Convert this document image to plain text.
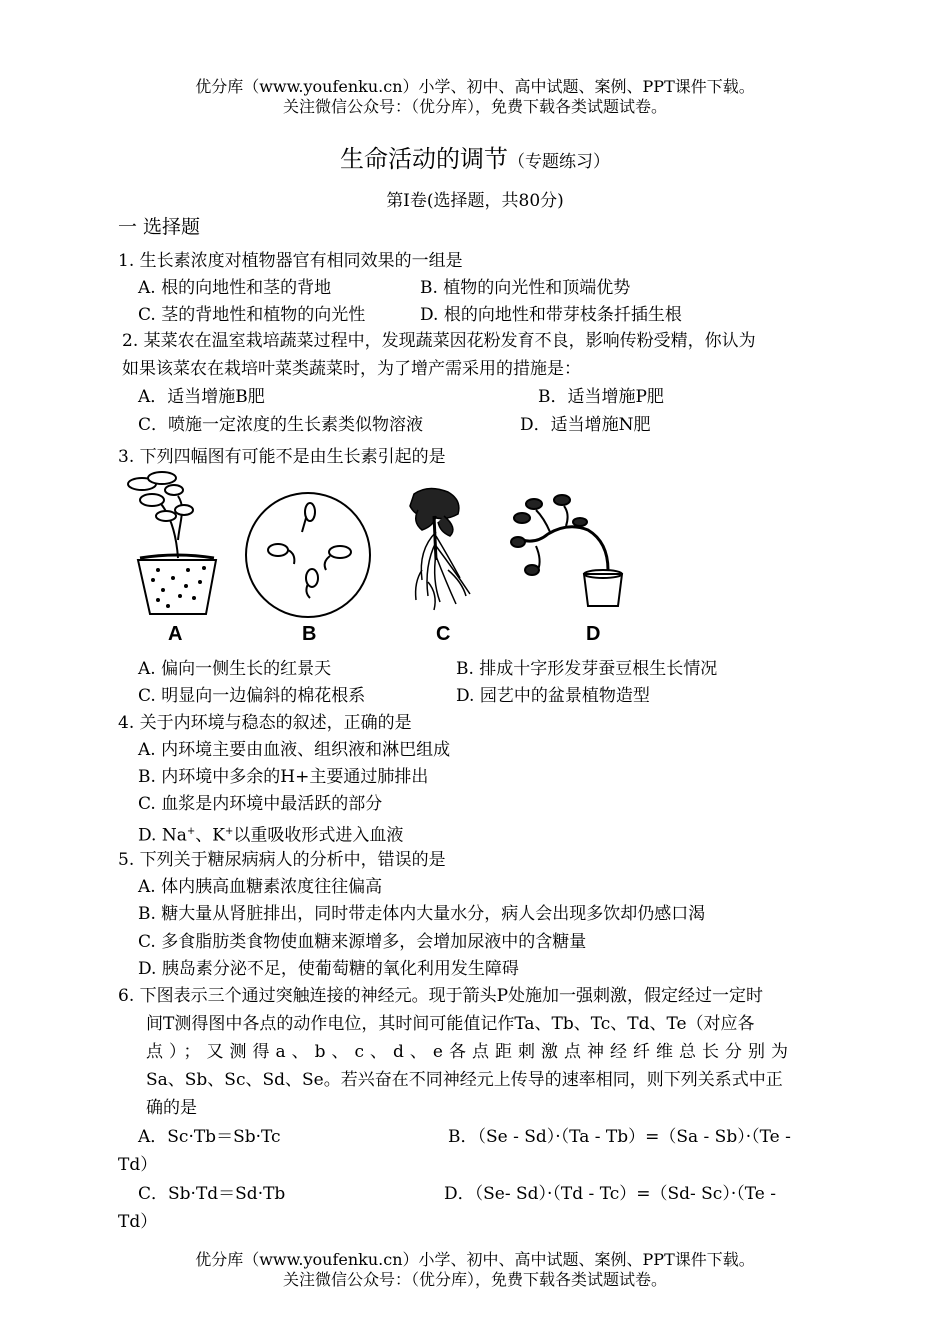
优分库（www.youfenku.cn）小学、初中、高中试题、案例、PPT课件下载。
关注微信公众号：（优分库），免费下载各类试题试卷。
生命活动的调节（专题练习）
第Ⅰ卷(选择题，共80分)
一 选择题
1. 生长素浓度对植物器官有相同效果的一组是
A. 根的向地性和茎的背地	B. 植物的向光性和顶端优势
C. 茎的背地性和植物的向光性	D. 根的向地性和带芽枝条扦插生根
2. 某菜农在温室栽培蔬菜过程中，发现蔬菜因花粉发育不良，影响传粉受精，你认为
如果该菜农在栽培叶菜类蔬菜时，为了增产需采用的措施是：
A．适当增施B肥	B．适当增施P肥
C．喷施一定浓度的生长素类似物溶液	D．适当增施N肥
3. 下列四幅图有可能不是由生长素引起的是
A	B	C	D
A. 偏向一侧生长的红景天	B. 排成十字形发芽蚕豆根生长情况
C. 明显向一边偏斜的棉花根系	D. 园艺中的盆景植物造型
4. 关于内环境与稳态的叙述，正确的是
A. 内环境主要由血液、组织液和淋巴组成
B. 内环境中多余的H+主要通过肺排出
C. 血浆是内环境中最活跃的部分
D. Na+、K+以重吸收形式进入血液
5. 下列关于糖尿病病人的分析中，错误的是
A. 体内胰高血糖素浓度往往偏高
B. 糖大量从肾脏排出，同时带走体内大量水分，病人会出现多饮却仍感口渴
C. 多食脂肪类食物使血糖来源增多，会增加尿液中的含糖量
D. 胰岛素分泌不足，使葡萄糖的氧化利用发生障碍
6. 下图表示三个通过突触连接的神经元。现于箭头P处施加一强刺激，假定经过一定时
间T测得图中各点的动作电位，其时间可能值记作Ta、Tb、Tc、Td、Te（对应各
点）；又测得a、b、c、d、e各点距刺激点神经纤维总长分别为
Sa、Sb、Sc、Sd、Se。若兴奋在不同神经元上传导的速率相同，则下列关系式中正
确的是
A．Sc·Tb＝Sb·Tc	B．（Se - Sd）·（Ta - Tb）=（Sa - Sb）·（Te -
Td）
C．Sb·Td＝Sd·Tb	D．（Se- Sd）·（Td - Tc）=（Sd- Sc）·（Te -
Td）
优分库（www.youfenku.cn）小学、初中、高中试题、案例、PPT课件下载。
关注微信公众号：（优分库），免费下载各类试题试卷。
